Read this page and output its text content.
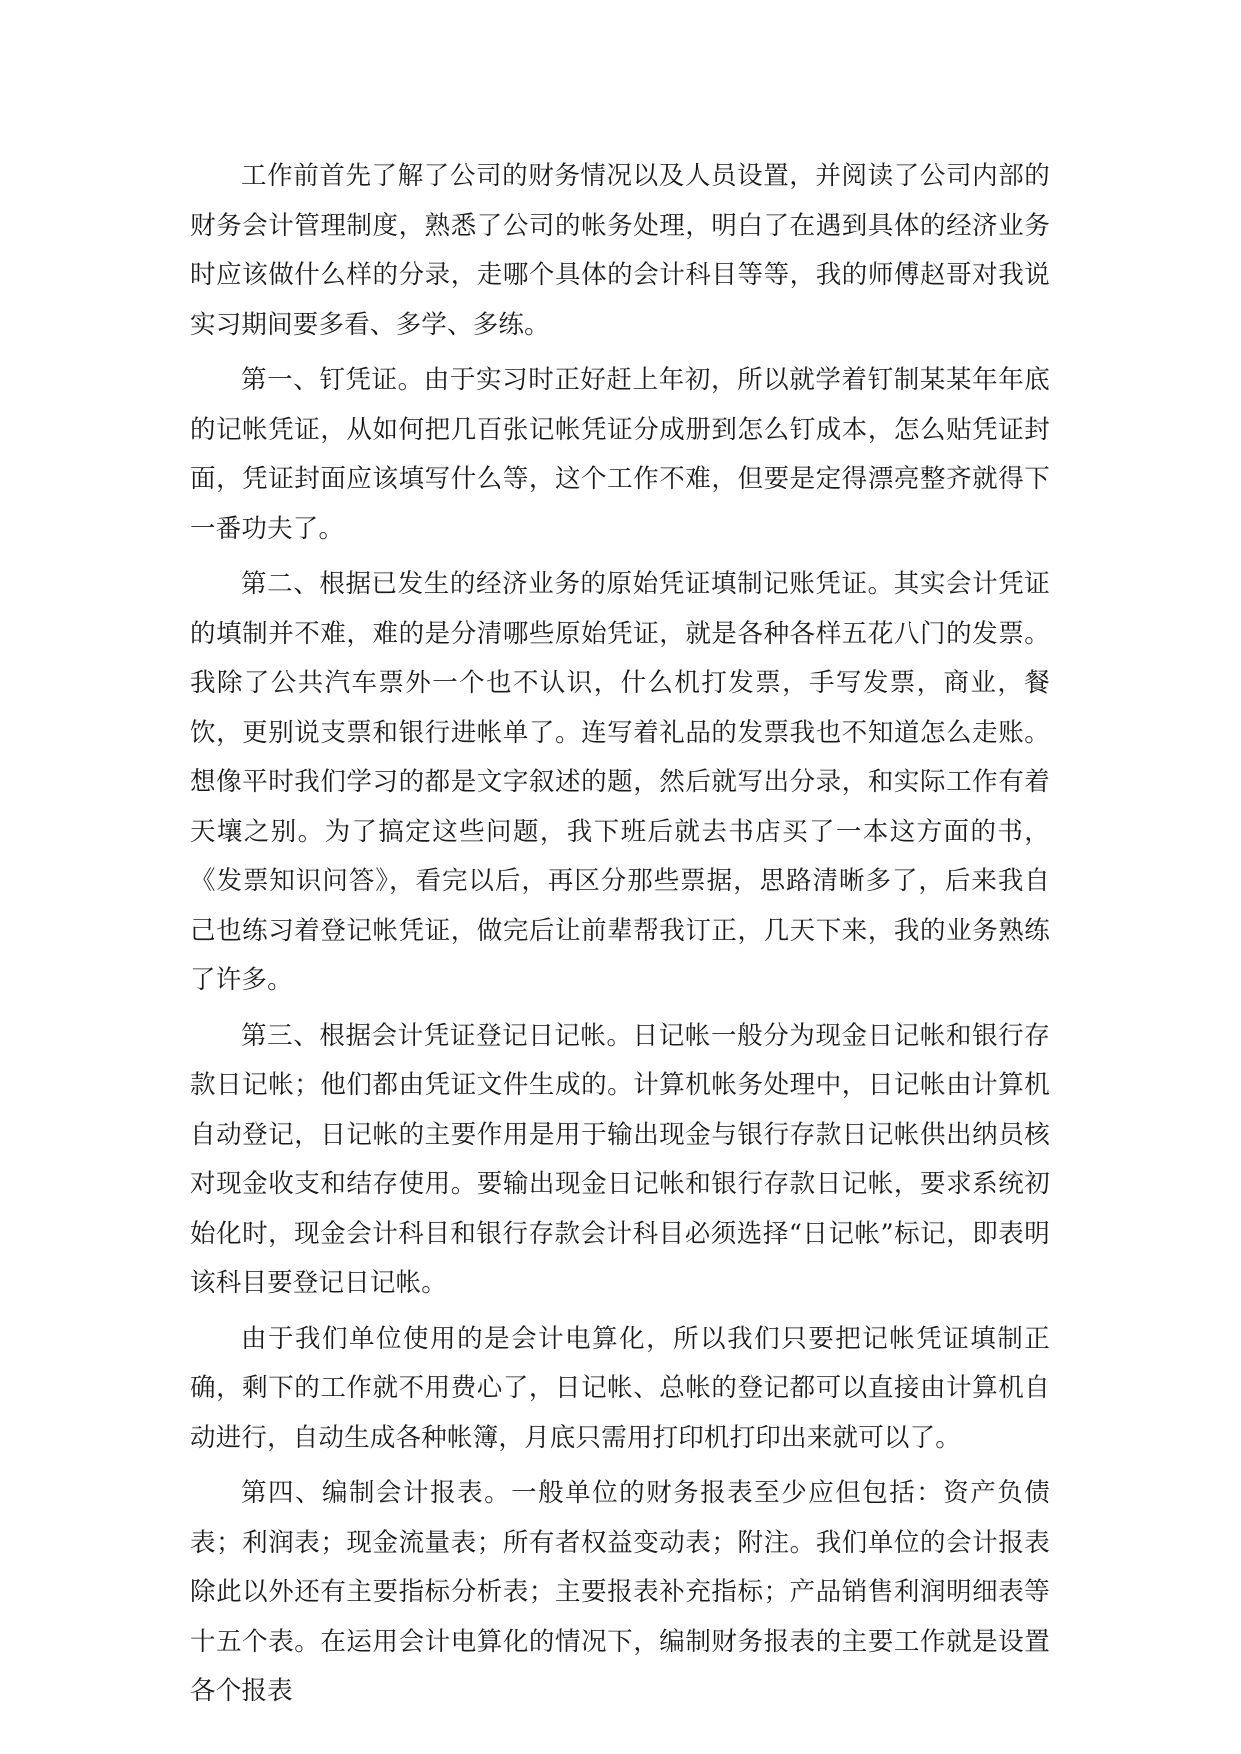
工作前首先了解了公司的财务情况以及人员设置，并阅读了公司内部的财务会计管理制度，熟悉了公司的帐务处理，明白了在遇到具体的经济业务时应该做什么样的分录，走哪个具体的会计科目等等，我的师傅赵哥对我说实习期间要多看、多学、多练。

第一、钉凭证。由于实习时正好赶上年初，所以就学着钉制某某年年底的记帐凭证，从如何把几百张记帐凭证分成册到怎么钉成本，怎么贴凭证封面，凭证封面应该填写什么等，这个工作不难，但要是定得漂亮整齐就得下一番功夫了。

第二、根据已发生的经济业务的原始凭证填制记账凭证。其实会计凭证的填制并不难，难的是分清哪些原始凭证，就是各种各样五花八门的发票。我除了公共汽车票外一个也不认识，什么机打发票，手写发票，商业，餐饮，更别说支票和银行进帐单了。连写着礼品的发票我也不知道怎么走账。想像平时我们学习的都是文字叙述的题，然后就写出分录，和实际工作有着天壤之别。为了搞定这些问题，我下班后就去书店买了一本这方面的书，《发票知识问答》，看完以后，再区分那些票据，思路清晰多了，后来我自己也练习着登记帐凭证，做完后让前辈帮我订正，几天下来，我的业务熟练了许多。

第三、根据会计凭证登记日记帐。日记帐一般分为现金日记帐和银行存款日记帐；他们都由凭证文件生成的。计算机帐务处理中，日记帐由计算机自动登记，日记帐的主要作用是用于输出现金与银行存款日记帐供出纳员核对现金收支和结存使用。要输出现金日记帐和银行存款日记帐，要求系统初始化时，现金会计科目和银行存款会计科目必须选择“日记帐”标记，即表明该科目要登记日记帐。

由于我们单位使用的是会计电算化，所以我们只要把记帐凭证填制正确，剩下的工作就不用费心了，日记帐、总帐的登记都可以直接由计算机自动进行，自动生成各种帐簿，月底只需用打印机打印出来就可以了。

第四、编制会计报表。一般单位的财务报表至少应但包括：资产负债表；利润表；现金流量表；所有者权益变动表；附注。我们单位的会计报表除此以外还有主要指标分析表；主要报表补充指标；产品销售利润明细表等十五个表。在运用会计电算化的情况下，编制财务报表的主要工作就是设置各个报表
